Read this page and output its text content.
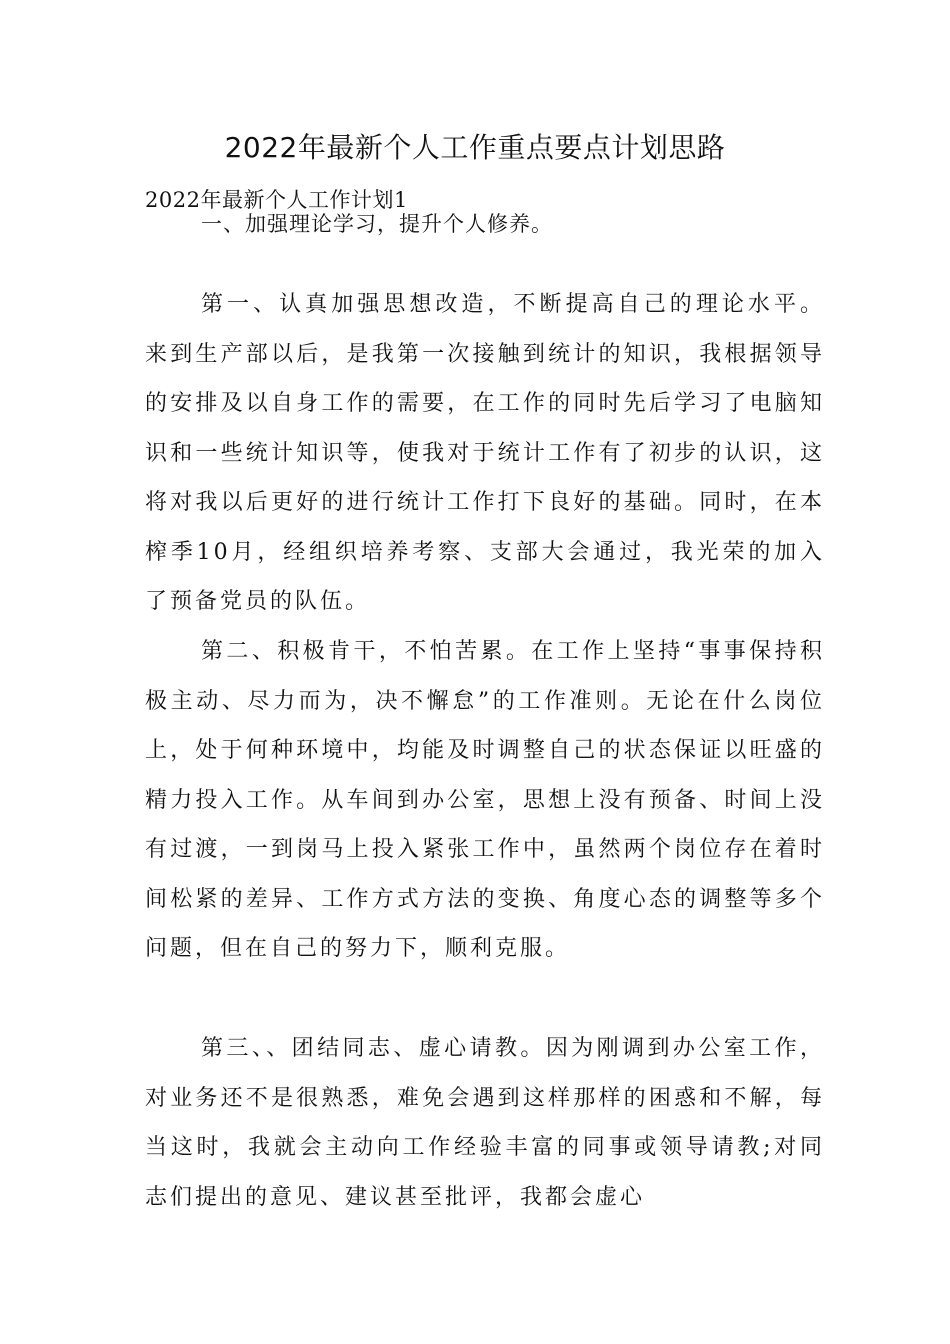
2022年最新个人工作重点要点计划思路

2022年最新个人工作计划1

一、加强理论学习，提升个人修养。

第一、认真加强思想改造，不断提高自己的理论水平。来到生产部以后，是我第一次接触到统计的知识，我根据领导的安排及以自身工作的需要，在工作的同时先后学习了电脑知识和一些统计知识等，使我对于统计工作有了初步的认识，这将对我以后更好的进行统计工作打下良好的基础。同时，在本榨季10月，经组织培养考察、支部大会通过，我光荣的加入了预备党员的队伍。

第二、积极肯干，不怕苦累。在工作上坚持“事事保持积极主动、尽力而为，决不懈怠”的工作准则。无论在什么岗位上，处于何种环境中，均能及时调整自己的状态保证以旺盛的精力投入工作。从车间到办公室，思想上没有预备、时间上没有过渡，一到岗马上投入紧张工作中，虽然两个岗位存在着时间松紧的差异、工作方式方法的变换、角度心态的调整等多个问题，但在自己的努力下，顺利克服。

第三、、团结同志、虚心请教。因为刚调到办公室工作，对业务还不是很熟悉，难免会遇到这样那样的困惑和不解，每当这时，我就会主动向工作经验丰富的同事或领导请教;对同志们提出的意见、建议甚至批评，我都会虚心
